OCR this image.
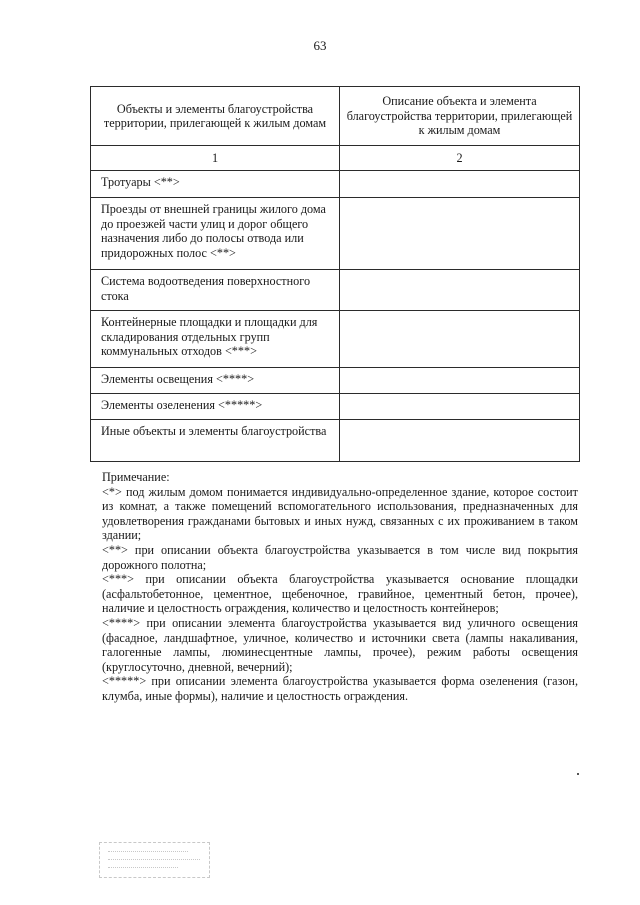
63
Объекты и элементы благоустройства территории, прилегающей к жилым домам	Описание объекта и элемента благоустройства территории, прилегающей к жилым домам
1	2
Тротуары <**>	
Проезды от внешней границы жилого дома до проезжей части улиц и дорог общего назначения либо до полосы отвода или придорожных полос <**>	
Система водоотведения поверхностного стока	
Контейнерные площадки и площадки для складирования отдельных групп коммунальных отходов <***>	
Элементы освещения <****>	
Элементы озеленения <*****>	
Иные объекты и элементы благоустройства	

Примечание:

<*> под жилым домом понимается индивидуально-определенное здание, которое состоит из комнат, а также помещений вспомогательного использования, предназначенных для удовлетворения гражданами бытовых и иных нужд, связанных с их проживанием в таком здании;

<**> при описании объекта благоустройства указывается в том числе вид покрытия дорожного полотна;

<***> при описании объекта благоустройства указывается основание площадки (асфальтобетонное, цементное, щебеночное, гравийное, цементный бетон, прочее), наличие и целостность ограждения, количество и целостность контейнеров;

<****> при описании элемента благоустройства указывается вид уличного освещения (фасадное, ландшафтное, уличное, количество и источники света (лампы накаливания, галогенные лампы, люминесцентные лампы, прочее), режим работы освещения (круглосуточно, дневной, вечерний);

<*****> при описании элемента благоустройства указывается форма озеленения (газон, клумба, иные формы), наличие и целостность ограждения.
